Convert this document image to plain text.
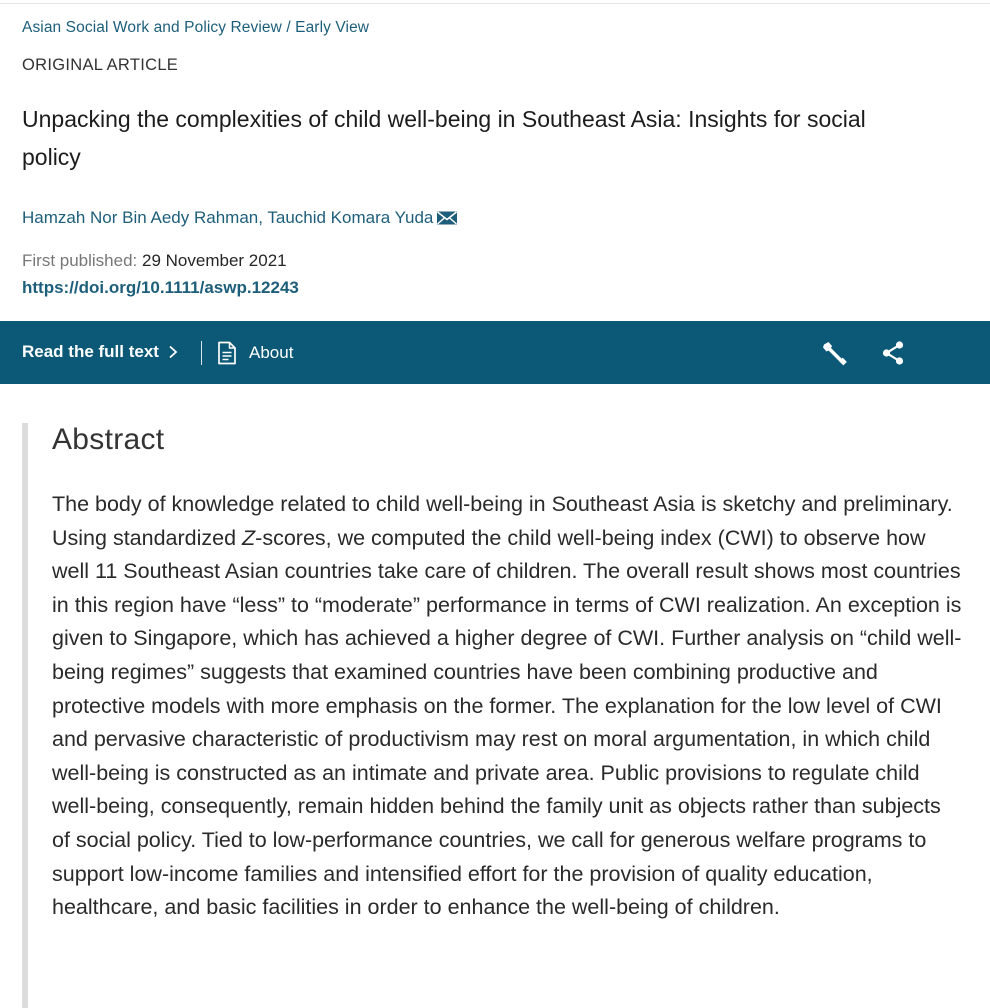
Asian Social Work and Policy Review / Early View
ORIGINAL ARTICLE
Unpacking the complexities of child well-being in Southeast Asia: Insights for social policy
Hamzah Nor Bin Aedy Rahman, Tauchid Komara Yuda
First published: 29 November 2021
https://doi.org/10.1111/aswp.12243
Read the full text	About
Abstract

The body of knowledge related to child well-being in Southeast Asia is sketchy and preliminary. Using standardized Z-scores, we computed the child well-being index (CWI) to observe how well 11 Southeast Asian countries take care of children. The overall result shows most countries in this region have “less” to “moderate” performance in terms of CWI realization. An exception is given to Singapore, which has achieved a higher degree of CWI. Further analysis on “child well-being regimes” suggests that examined countries have been combining productive and protective models with more emphasis on the former. The explanation for the low level of CWI and pervasive characteristic of productivism may rest on moral argumentation, in which child well-being is constructed as an intimate and private area. Public provisions to regulate child well-being, consequently, remain hidden behind the family unit as objects rather than subjects of social policy. Tied to low-performance countries, we call for generous welfare programs to support low-income families and intensified effort for the provision of quality education, healthcare, and basic facilities in order to enhance the well-being of children.
